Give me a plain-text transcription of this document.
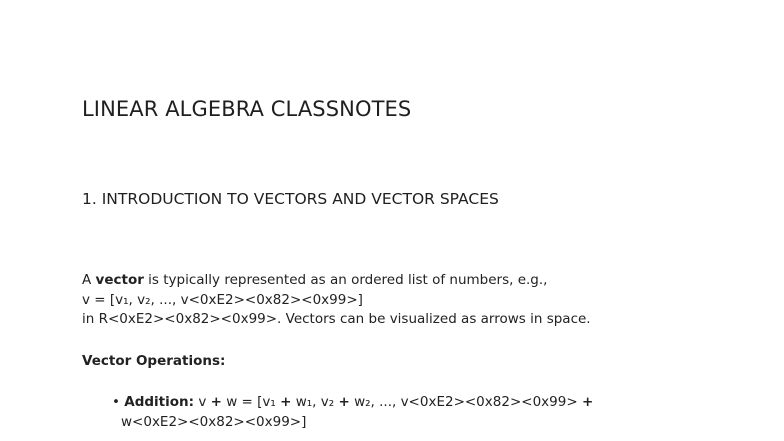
LINEAR ALGEBRA CLASSNOTES
1. INTRODUCTION TO VECTORS AND VECTOR SPACES
A vector is typically represented as an ordered list of numbers, e.g.,
v = [v₁, v₂, ..., v<0xE2><0x82><0x99>]
in R<0xE2><0x82><0x99>. Vectors can be visualized as arrows in space.
Vector Operations:
• Addition: v + w = [v₁ + w₁, v₂ + w₂, ..., v<0xE2><0x82><0x99> +
w<0xE2><0x82><0x99>]
